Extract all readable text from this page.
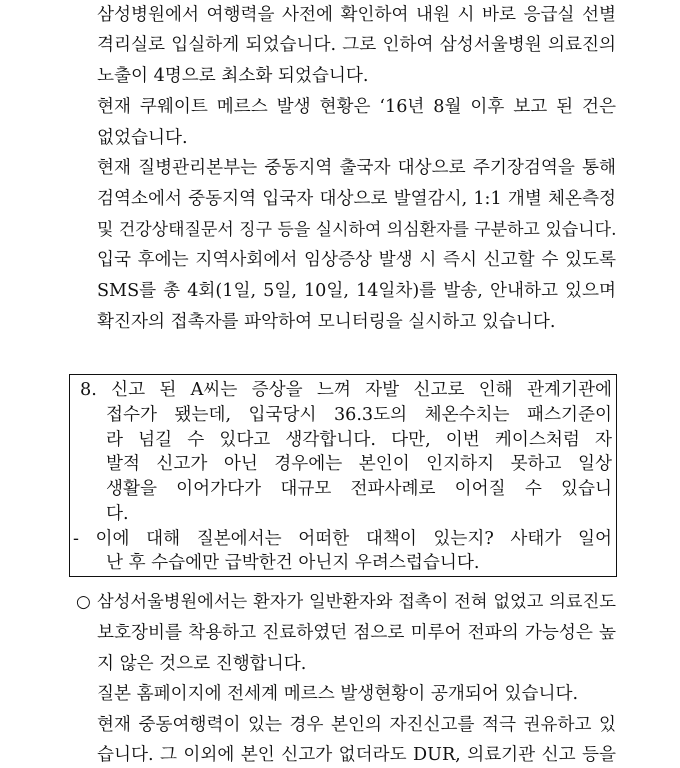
삼성병원에서 여행력을 사전에 확인하여 내원 시 바로 응급실 선별
격리실로 입실하게 되었습니다. 그로 인하여 삼성서울병원 의료진의
노출이 4명으로 최소화 되었습니다.
현재 쿠웨이트 메르스 발생 현황은 ‘16년 8월 이후 보고 된 건은
없었습니다.
현재 질병관리본부는 중동지역 출국자 대상으로 주기장검역을 통해
검역소에서 중동지역 입국자 대상으로 발열감시, 1:1 개별 체온측정
및 건강상태질문서 징구 등을 실시하여 의심환자를 구분하고 있습니다.
입국 후에는 지역사회에서 임상증상 발생 시 즉시 신고할 수 있도록
SMS를 총 4회(1일, 5일, 10일, 14일차)를 발송, 안내하고 있으며
확진자의 접촉자를 파악하여 모니터링을 실시하고 있습니다.
8. 신고 된 A씨는 증상을 느껴 자발 신고로 인해 관계기관에
접수가 됐는데, 입국당시 36.3도의 체온수치는 패스기준이
라 넘길 수 있다고 생각합니다. 다만, 이번 케이스처럼 자
발적 신고가 아닌 경우에는 본인이 인지하지 못하고 일상
생활을 이어가다가 대규모 전파사례로 이어질 수 있습니
다.
- 이에 대해 질본에서는 어떠한 대책이 있는지? 사태가 일어
난 후 수습에만 급박한건 아닌지 우려스럽습니다.
○ 삼성서울병원에서는 환자가 일반환자와 접촉이 전혀 없었고 의료진도
보호장비를 착용하고 진료하였던 점으로 미루어 전파의 가능성은 높
지 않은 것으로 진행합니다.
질본 홈페이지에 전세계 메르스 발생현황이 공개되어 있습니다.
현재 중동여행력이 있는 경우 본인의 자진신고를 적극 권유하고 있
습니다. 그 이외에 본인 신고가 없더라도 DUR, 의료기관 신고 등을
